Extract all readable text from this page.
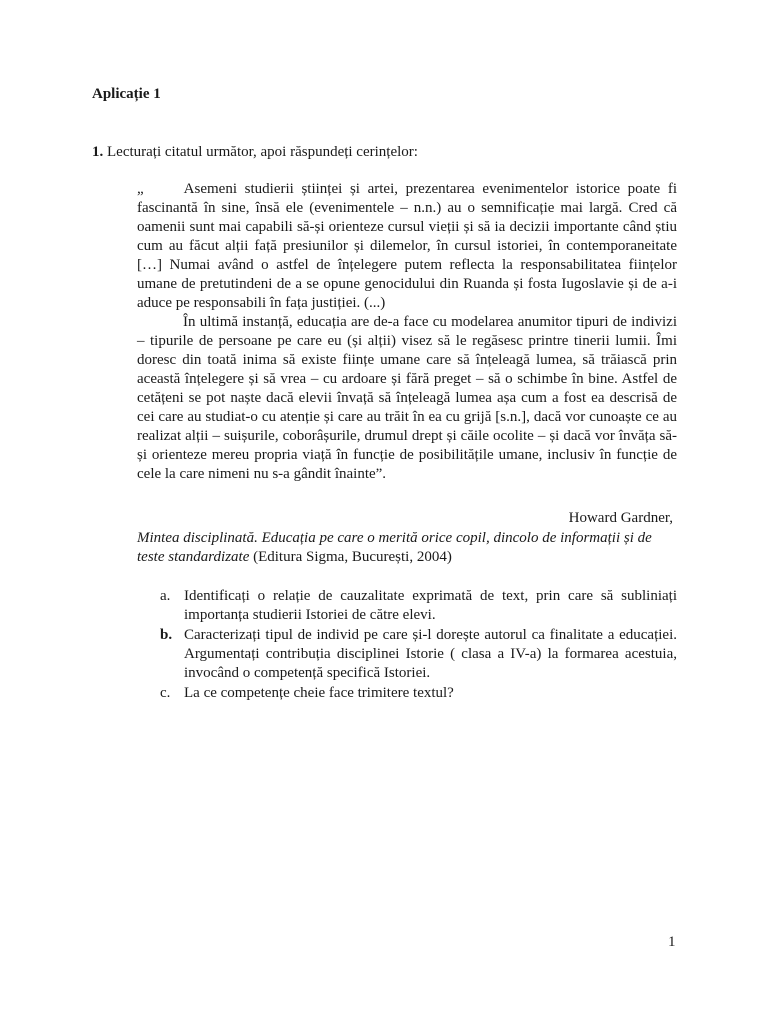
Aplicație 1
1. Lecturați citatul următor, apoi răspundeți cerințelor:

„	Asemeni studierii științei și artei, prezentarea evenimentelor istorice poate fi fascinantă în sine, însă ele (evenimentele – n.n.) au o semnificație mai largă. Cred că oamenii sunt mai capabili să-și orienteze cursul vieții și să ia decizii importante când știu cum au făcut alții față presiunilor și dilemelor, în cursul istoriei, în contemporaneitate […] Numai având o astfel de înțelegere putem reflecta la responsabilitatea ființelor umane de pretutindeni de a se opune genocidului din Ruanda și fosta Iugoslavie și de a-i aduce pe responsabili în fața justiției. (...)

În ultimă instanță, educația are de-a face cu modelarea anumitor tipuri de indivizi – tipurile de persoane pe care eu (și alții) visez să le regăsesc printre tinerii lumii. Îmi doresc din toată inima să existe ființe umane care să înțeleagă lumea, să trăiască prin această înțelegere și să vrea – cu ardoare și fără preget – să o schimbe în bine. Astfel de cetățeni se pot naște dacă elevii învață să înțeleagă lumea așa cum a fost ea descrisă de cei care au studiat-o cu atenție și care au trăit în ea cu grijă [s.n.], dacă vor cunoaște ce au realizat alții – suișurile, coborâșurile, drumul drept și căile ocolite – și dacă vor învăța să-și orienteze mereu propria viață în funcție de posibilitățile umane, inclusiv în funcție de cele la care nimeni nu s-a gândit înainte”.

Howard Gardner,
Mintea disciplinată. Educația pe care o merită orice copil, dincolo de informații și de teste standardizate (Editura Sigma, București, 2004)
a. Identificați o relație de cauzalitate exprimată de text, prin care să subliniați importanța studierii Istoriei de către elevi.
b. Caracterizați tipul de individ pe care și-l dorește autorul ca finalitate a educației. Argumentați contribuția disciplinei Istorie ( clasa a IV-a) la formarea acestuia, invocând o competență specifică Istoriei.
c. La ce competențe cheie face trimitere textul?
1
